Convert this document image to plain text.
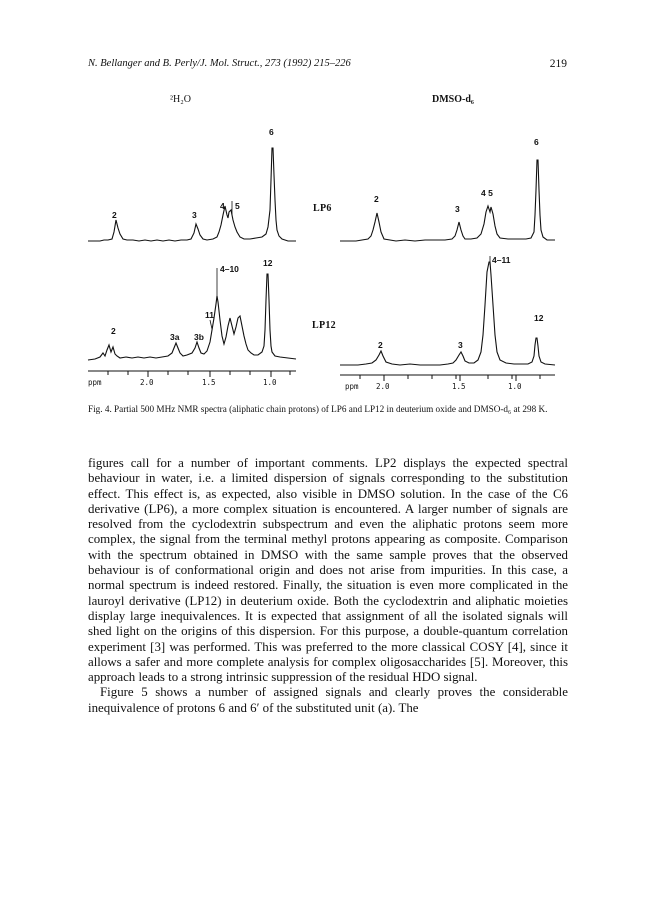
N. Bellanger and B. Perly/J. Mol. Struct., 273 (1992) 215–226	219
²H₂O	DMSO-d₆
LP6
LP12
6
2	3
4 5
6
2
3
4 5
12
4–10
11
2
3a 3b
4–11
12
2	3
ppm	2.0	1.5	1.0	ppm 2.0	1.5	1.0
Fig. 4. Partial 500 MHz NMR spectra (aliphatic chain protons) of LP6 and LP12 in deuterium oxide and DMSO-d₆ at 298 K.

figures call for a number of important comments. LP2 displays the expected spectral behaviour in water, i.e. a limited dispersion of signals corresponding to the substitution effect. This effect is, as expected, also visible in DMSO solution. In the case of the C6 derivative (LP6), a more complex situation is encountered. A larger number of signals are resolved from the cyclodextrin subspectrum and even the aliphatic protons seem more complex, the signal from the terminal methyl protons appearing as composite. Comparison with the spectrum obtained in DMSO with the same sample proves that the observed behaviour is of conformational origin and does not arise from impurities. In this case, a normal spectrum is indeed restored. Finally, the situation is even more complicated in the lauroyl derivative (LP12) in deuterium oxide. Both the cyclodextrin and aliphatic moieties display large inequivalences. It is expected that assignment of all the isolated signals will shed light on the origins of this dispersion. For this purpose, a double-quantum correlation experiment [3] was performed. This was preferred to the more classical COSY [4], since it allows a safer and more complete analysis for complex oligosaccharides [5]. Moreover, this approach leads to a strong intrinsic suppression of the residual HDO signal.

Figure 5 shows a number of assigned signals and clearly proves the considerable inequivalence of protons 6 and 6′ of the substituted unit (a). The
